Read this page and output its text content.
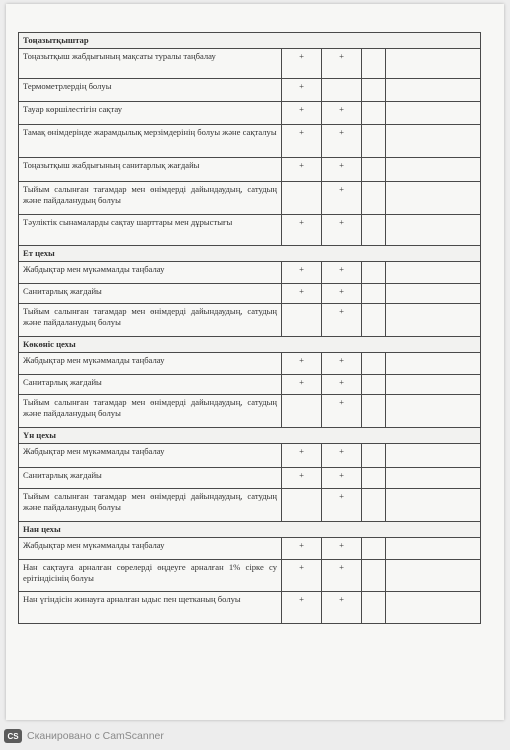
Тоңазытқыштар				
Тоңазытқыш жабдығының мақсаты туралы таңбалау	+	+		
Термометрлердің болуы	+			
Тауар көршілестігін сақтау	+	+		
Тамақ өнімдерінде жарамдылық мерзімдерінің болуы және сақталуы	+	+		
Тоңазытқыш жабдығының санитарлық жағдайы	+	+		
Тыйым салынған тағамдар мен өнімдерді дайындаудың, сатудың және пайдаланудың болуы		+		
Тәуліктік сынамаларды сақтау шарттары мен дұрыстығы	+	+		
Ет цехы				
Жабдықтар мен мүкәммалды таңбалау	+	+		
Санитарлық жағдайы	+	+		
Тыйым салынған тағамдар мен өнімдерді дайындаудың, сатудың және пайдаланудың болуы		+		
Көкөніс цехы				
Жабдықтар мен мүкәммалды таңбалау	+	+		
Санитарлық жағдайы	+	+		
Тыйым салынған тағамдар мен өнімдерді дайындаудың, сатудың және пайдаланудың болуы		+		
Үн цехы				
Жабдықтар мен мүкәммалды таңбалау	+	+		
Санитарлық жағдайы	+	+		
Тыйым салынған тағамдар мен өнімдерді дайындаудың, сатудың және пайдаланудың болуы		+		
Нан цехы				
Жабдықтар мен мүкәммалды таңбалау	+	+		
Нан сақтауға арналған сөрелерді өңдеуге арналған 1% сірке су ерітіндісінің болуы	+	+		
Нан үгіндісін жинауға арналған ыдыс пен щетканың болуы	+	+		
CS Сканировано с CamScanner
